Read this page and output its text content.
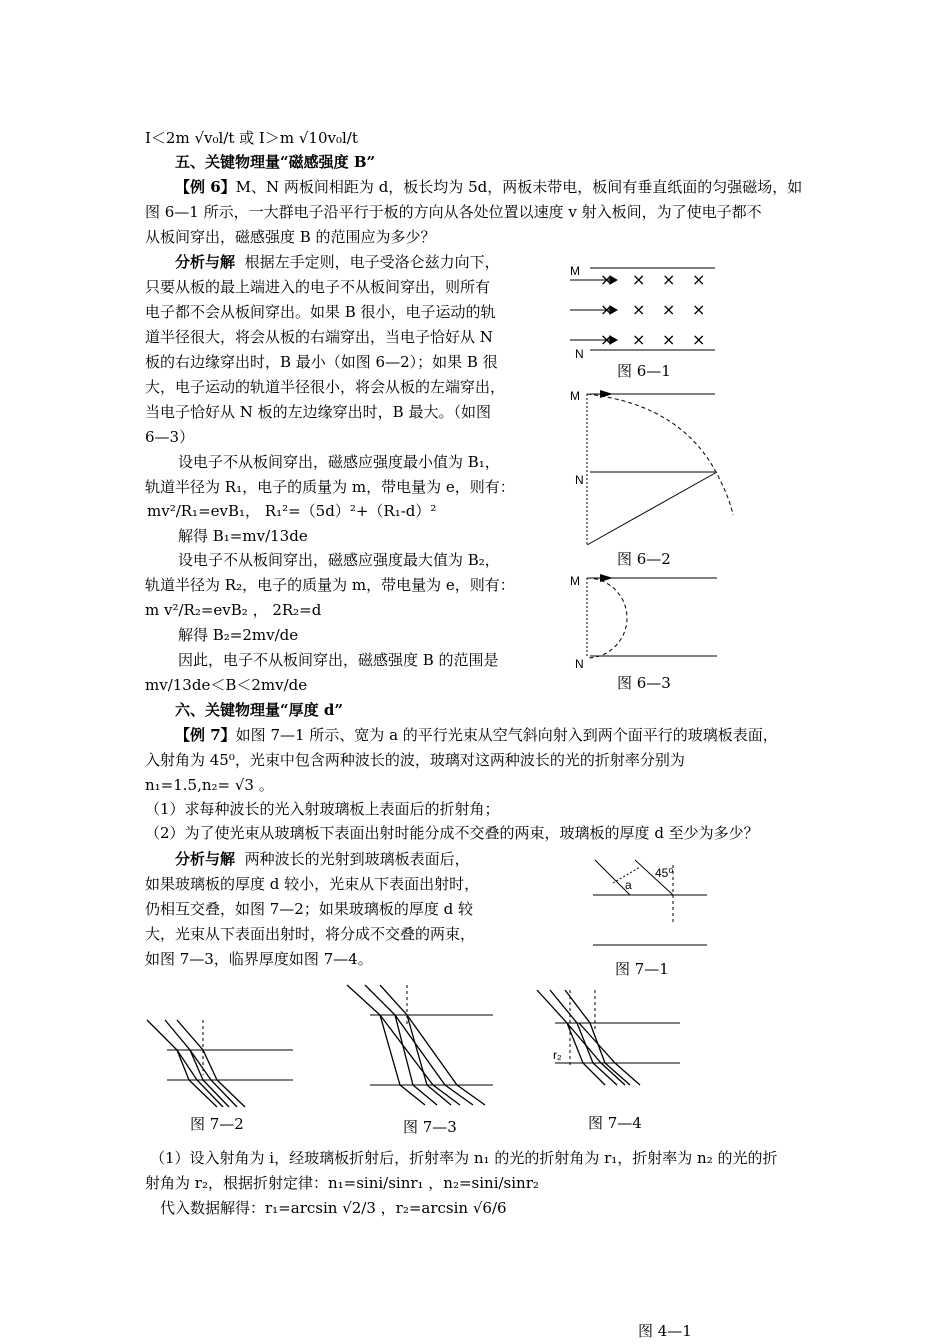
I＜2m √v₀l/t 或 I＞m √10v₀l/t
五、关键物理量“磁感强度 B”
【例 6】M、N 两板间相距为 d，板长均为 5d，两板未带电，板间有垂直纸面的匀强磁场，如
图 6—1 所示，一大群电子沿平行于板的方向从各处位置以速度 v 射入板间，为了使电子都不
从板间穿出，磁感强度 B 的范围应为多少？
分析与解 根据左手定则，电子受洛仑兹力向下，
只要从板的最上端进入的电子不从板间穿出，则所有
电子都不会从板间穿出。如果 B 很小，电子运动的轨
道半径很大，将会从板的右端穿出，当电子恰好从 N
板的右边缘穿出时，B 最小（如图 6—2）；如果 B 很
大，电子运动的轨道半径很小，将会从板的左端穿出，
当电子恰好从 N 板的左边缘穿出时，B 最大。（如图
6—3）
设电子不从板间穿出，磁感应强度最小值为 B₁，
轨道半径为 R₁，电子的质量为 m，带电量为 e，则有：
mv²/R₁=evB₁， R₁²=（5d）²+（R₁-d）²
解得 B₁=mv/13de
设电子不从板间穿出，磁感应强度最大值为 B₂，
轨道半径为 R₂，电子的质量为 m，带电量为 e，则有：
m v²/R₂=evB₂ ， 2R₂=d
解得 B₂=2mv/de
因此，电子不从板间穿出，磁感强度 B 的范围是
mv/13de＜B＜2mv/de
六、关键物理量“厚度 d”
【例 7】如图 7—1 所示、宽为 a 的平行光束从空气斜向射入到两个面平行的玻璃板表面，
入射角为 45⁰，光束中包含两种波长的波，玻璃对这两种波长的光的折射率分别为
n₁=1.5,n₂= √3 。
（1）求每种波长的光入射玻璃板上表面后的折射角；
（2）为了使光束从玻璃板下表面出射时能分成不交叠的两束，玻璃板的厚度 d 至少为多少？
分析与解 两种波长的光射到玻璃板表面后，
如果玻璃板的厚度 d 较小，光束从下表面出射时，
仍相互交叠，如图 7—2；如果玻璃板的厚度 d 较
大，光束从下表面出射时，将分成不交叠的两束，
如图 7—3，临界厚度如图 7—4。
（1）设入射角为 i，经玻璃板折射后，折射率为 n₁ 的光的折射角为 r₁，折射率为 n₂ 的光的折
射角为 r₂，根据折射定律：n₁=sini/sinr₁ ，n₂=sini/sinr₂
代入数据解得：r₁=arcsin √2/3 ，r₂=arcsin √6/6
M
N
× × × ×
× × × ×
× × × ×
图 6—1
M
N
图 6—2
M
N
图 6—3
a
45⁰
图 7—1
图 7—2	图 7—3
r₂
图 7—4
图 4—1
